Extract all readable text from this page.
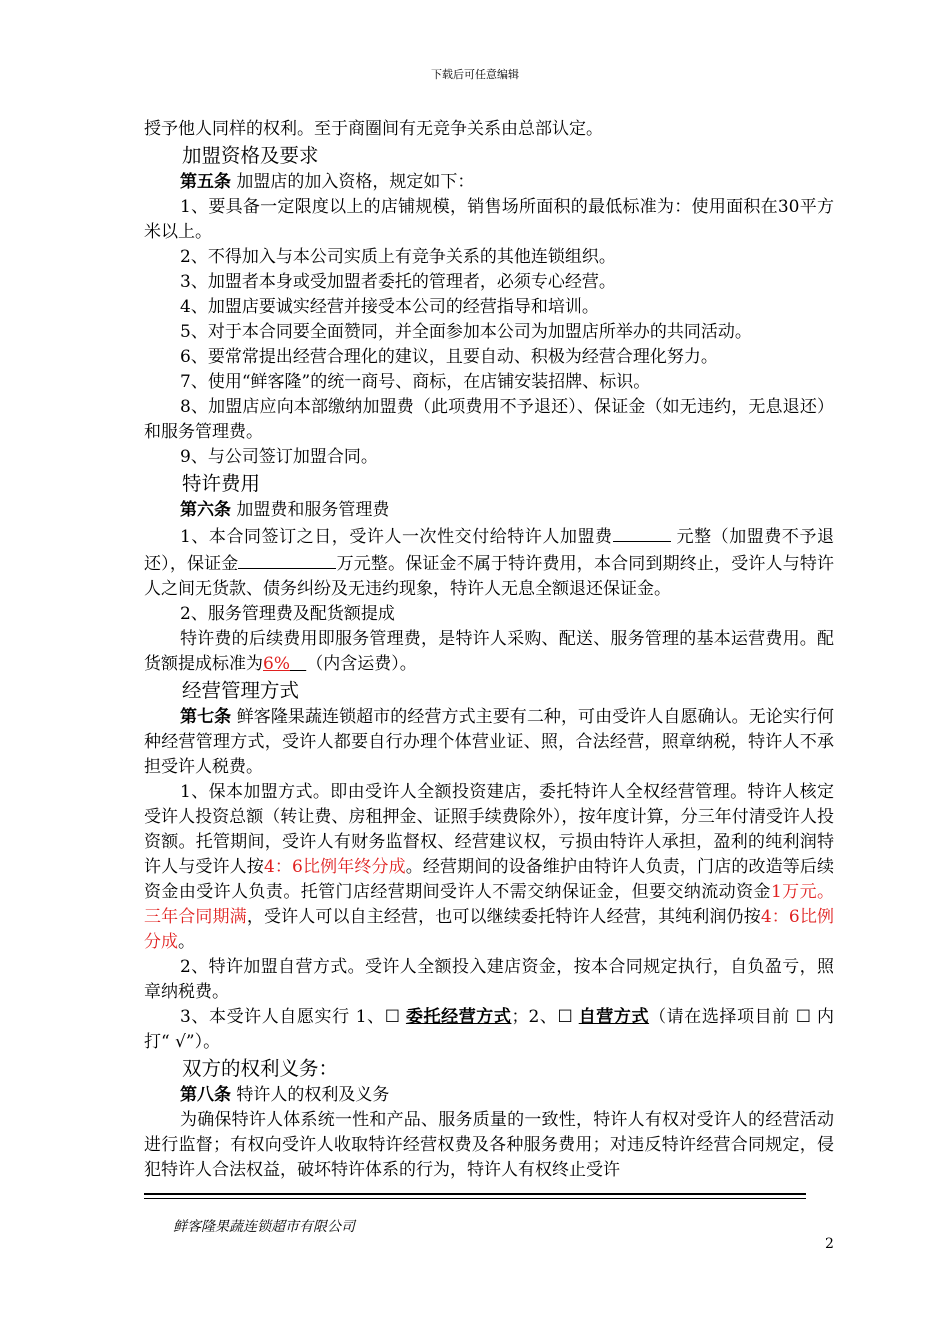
下载后可任意编辑

授予他人同样的权利。至于商圈间有无竞争关系由总部认定。

加盟资格及要求

第五条 加盟店的加入资格，规定如下：

1、要具备一定限度以上的店铺规模，销售场所面积的最低标准为：使用面积在30平方米以上。

2、不得加入与本公司实质上有竞争关系的其他连锁组织。

3、加盟者本身或受加盟者委托的管理者，必须专心经营。

4、加盟店要诚实经营并接受本公司的经营指导和培训。

5、对于本合同要全面赞同，并全面参加本公司为加盟店所举办的共同活动。

6、要常常提出经营合理化的建议，且要自动、积极为经营合理化努力。

7、使用“鲜客隆”的统一商号、商标，在店铺安装招牌、标识。

8、加盟店应向本部缴纳加盟费（此项费用不予退还）、保证金（如无违约，无息退还）和服务管理费。

9、与公司签订加盟合同。

特许费用

第六条 加盟费和服务管理费

1、本合同签订之日，受许人一次性交付给特许人加盟费	元整（加盟费不予退还），保证金	万元整。保证金不属于特许费用，本合同到期终止，受许人与特许人之间无货款、债务纠纷及无违约现象，特许人无息全额退还保证金。

2、服务管理费及配货额提成

特许费的后续费用即服务管理费，是特许人采购、配送、服务管理的基本运营费用。配货额提成标准为6% （内含运费）。

经营管理方式

第七条 鲜客隆果蔬连锁超市的经营方式主要有二种，可由受许人自愿确认。无论实行何种经营管理方式，受许人都要自行办理个体营业证、照，合法经营，照章纳税，特许人不承担受许人税费。

1、保本加盟方式。即由受许人全额投资建店，委托特许人全权经营管理。特许人核定受许人投资总额（转让费、房租押金、证照手续费除外），按年度计算，分三年付清受许人投资额。托管期间，受许人有财务监督权、经营建议权，亏损由特许人承担，盈利的纯利润特许人与受许人按4：6比例年终分成。经营期间的设备维护由特许人负责，门店的改造等后续资金由受许人负责。托管门店经营期间受许人不需交纳保证金，但要交纳流动资金1万元。三年合同期满，受许人可以自主经营，也可以继续委托特许人经营，其纯利润仍按4：6比例分成。

2、特许加盟自营方式。受许人全额投入建店资金，按本合同规定执行，自负盈亏，照章纳税费。

3、本受许人自愿实行 1、☐ 委托经营方式；2、☐ 自营方式（请在选择项目前 ☐ 内打“ √”）。

双方的权利义务：

第八条 特许人的权利及义务

为确保特许人体系统一性和产品、服务质量的一致性，特许人有权对受许人的经营活动进行监督；有权向受许人收取特许经营权费及各种服务费用；对违反特许经营合同规定，侵犯特许人合法权益，破坏特许体系的行为，特许人有权终止受许

鲜客隆果蔬连锁超市有限公司
2
